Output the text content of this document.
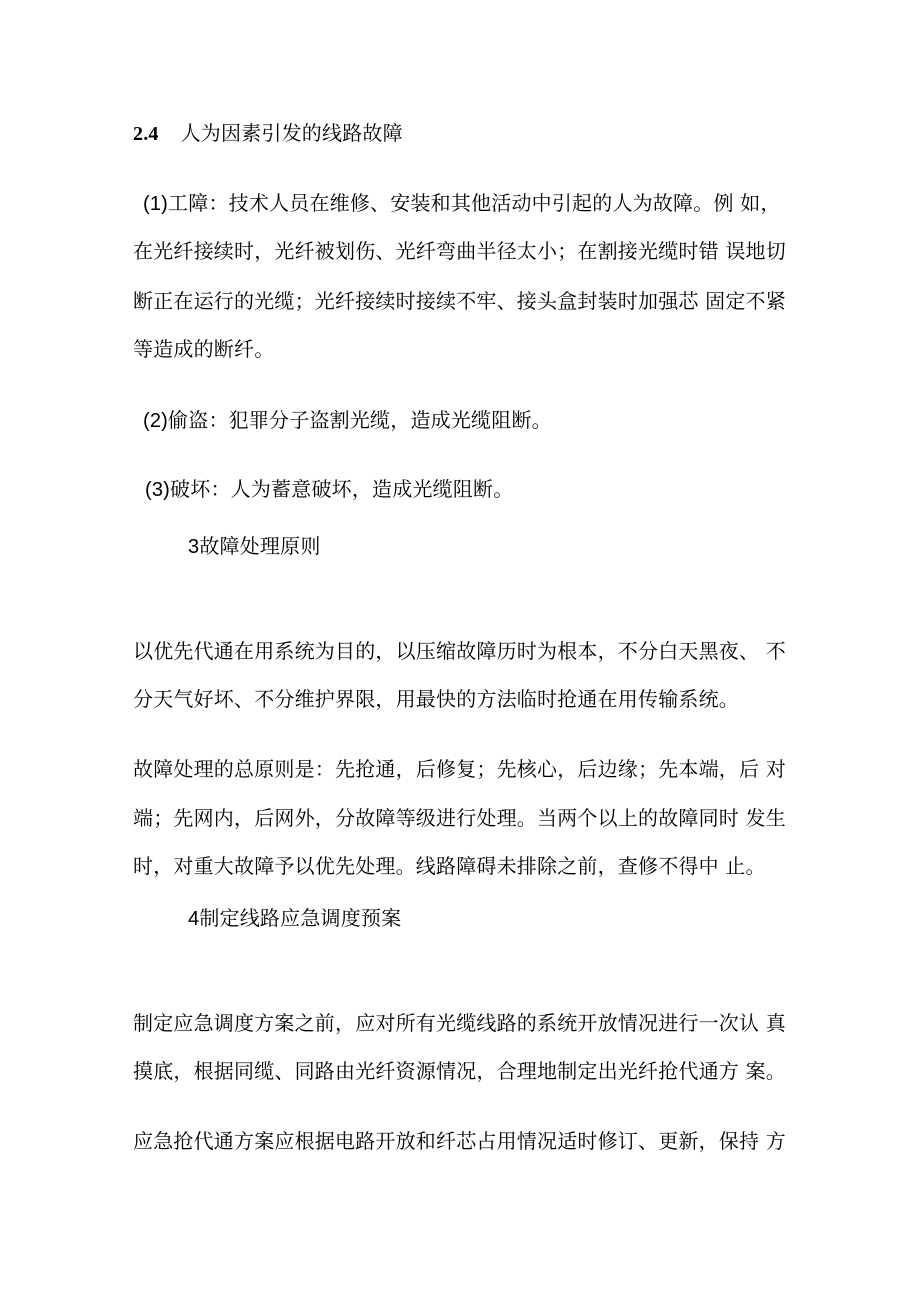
2.4 人为因素引发的线路故障
(1)工障：技术人员在维修、安装和其他活动中引起的人为故障。例 如，
在光纤接续时，光纤被划伤、光纤弯曲半径太小；在割接光缆时错 误地切
断正在运行的光缆；光纤接续时接续不牢、接头盒封装时加强芯 固定不紧
等造成的断纤。
(2)偷盗：犯罪分子盗割光缆，造成光缆阻断。
(3)破坏：人为蓄意破坏，造成光缆阻断。
3故障处理原则
以优先代通在用系统为目的，以压缩故障历时为根本，不分白天黑夜、 不
分天气好坏、不分维护界限，用最快的方法临时抢通在用传输系统。
故障处理的总原则是：先抢通，后修复；先核心，后边缘；先本端，后 对
端；先网内，后网外，分故障等级进行处理。当两个以上的故障同时 发生
时，对重大故障予以优先处理。线路障碍未排除之前，查修不得中 止。
4制定线路应急调度预案
制定应急调度方案之前，应对所有光缆线路的系统开放情况进行一次认 真
摸底，根据同缆、同路由光纤资源情况，合理地制定出光纤抢代通方 案。
应急抢代通方案应根据电路开放和纤芯占用情况适时修订、更新，保持 方
